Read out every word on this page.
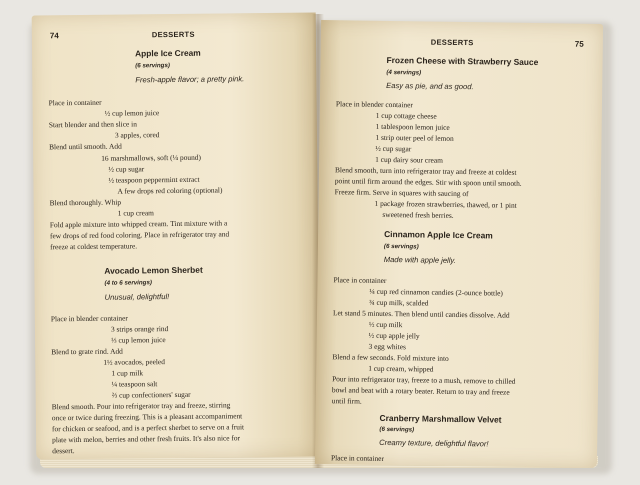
74	DESSERTS
Apple Ice Cream
(6 servings)
Fresh-apple flavor; a pretty pink.
Place in container
½ cup lemon juice
Start blender and then slice in
3 apples, cored
Blend until smooth. Add
16 marshmallows, soft (¼ pound)
½ cup sugar
½ teaspoon peppermint extract
A few drops red coloring (optional)
Blend thoroughly. Whip
1 cup cream
Fold apple mixture into whipped cream. Tint mixture with a
few drops of red food coloring. Place in refrigerator tray and
freeze at coldest temperature.
Avocado Lemon Sherbet
(4 to 6 servings)
Unusual, delightful!
Place in blender container
3 strips orange rind
⅓ cup lemon juice
Blend to grate rind. Add
1½ avocados, peeled
1 cup milk
¼ teaspoon salt
⅔ cup confectioners' sugar
Blend smooth. Pour into refrigerator tray and freeze, stirring
once or twice during freezing. This is a pleasant accompaniment
for chicken or seafood, and is a perfect sherbet to serve on a fruit
plate with melon, berries and other fresh fruits. It's also nice for
dessert.
DESSERTS	75
Frozen Cheese with Strawberry Sauce
(4 servings)
Easy as pie, and as good.
Place in blender container
1 cup cottage cheese
1 tablespoon lemon juice
1 strip outer peel of lemon
½ cup sugar
1 cup dairy sour cream
Blend smooth, turn into refrigerator tray and freeze at coldest
point until firm around the edges. Stir with spoon until smooth.
Freeze firm. Serve in squares with saucing of
1 package frozen strawberries, thawed, or 1 pint
sweetened fresh berries.
Cinnamon Apple Ice Cream
(6 servings)
Made with apple jelly.
Place in container
¼ cup red cinnamon candies (2-ounce bottle)
¾ cup milk, scalded
Let stand 5 minutes. Then blend until candies dissolve. Add
½ cup milk
½ cup apple jelly
3 egg whites
Blend a few seconds. Fold mixture into
1 cup cream, whipped
Pour into refrigerator tray, freeze to a mush, remove to chilled
bowl and beat with a rotary beater. Return to tray and freeze
until firm.
Cranberry Marshmallow Velvet
(6 servings)
Creamy texture, delightful flavor!
Place in container
